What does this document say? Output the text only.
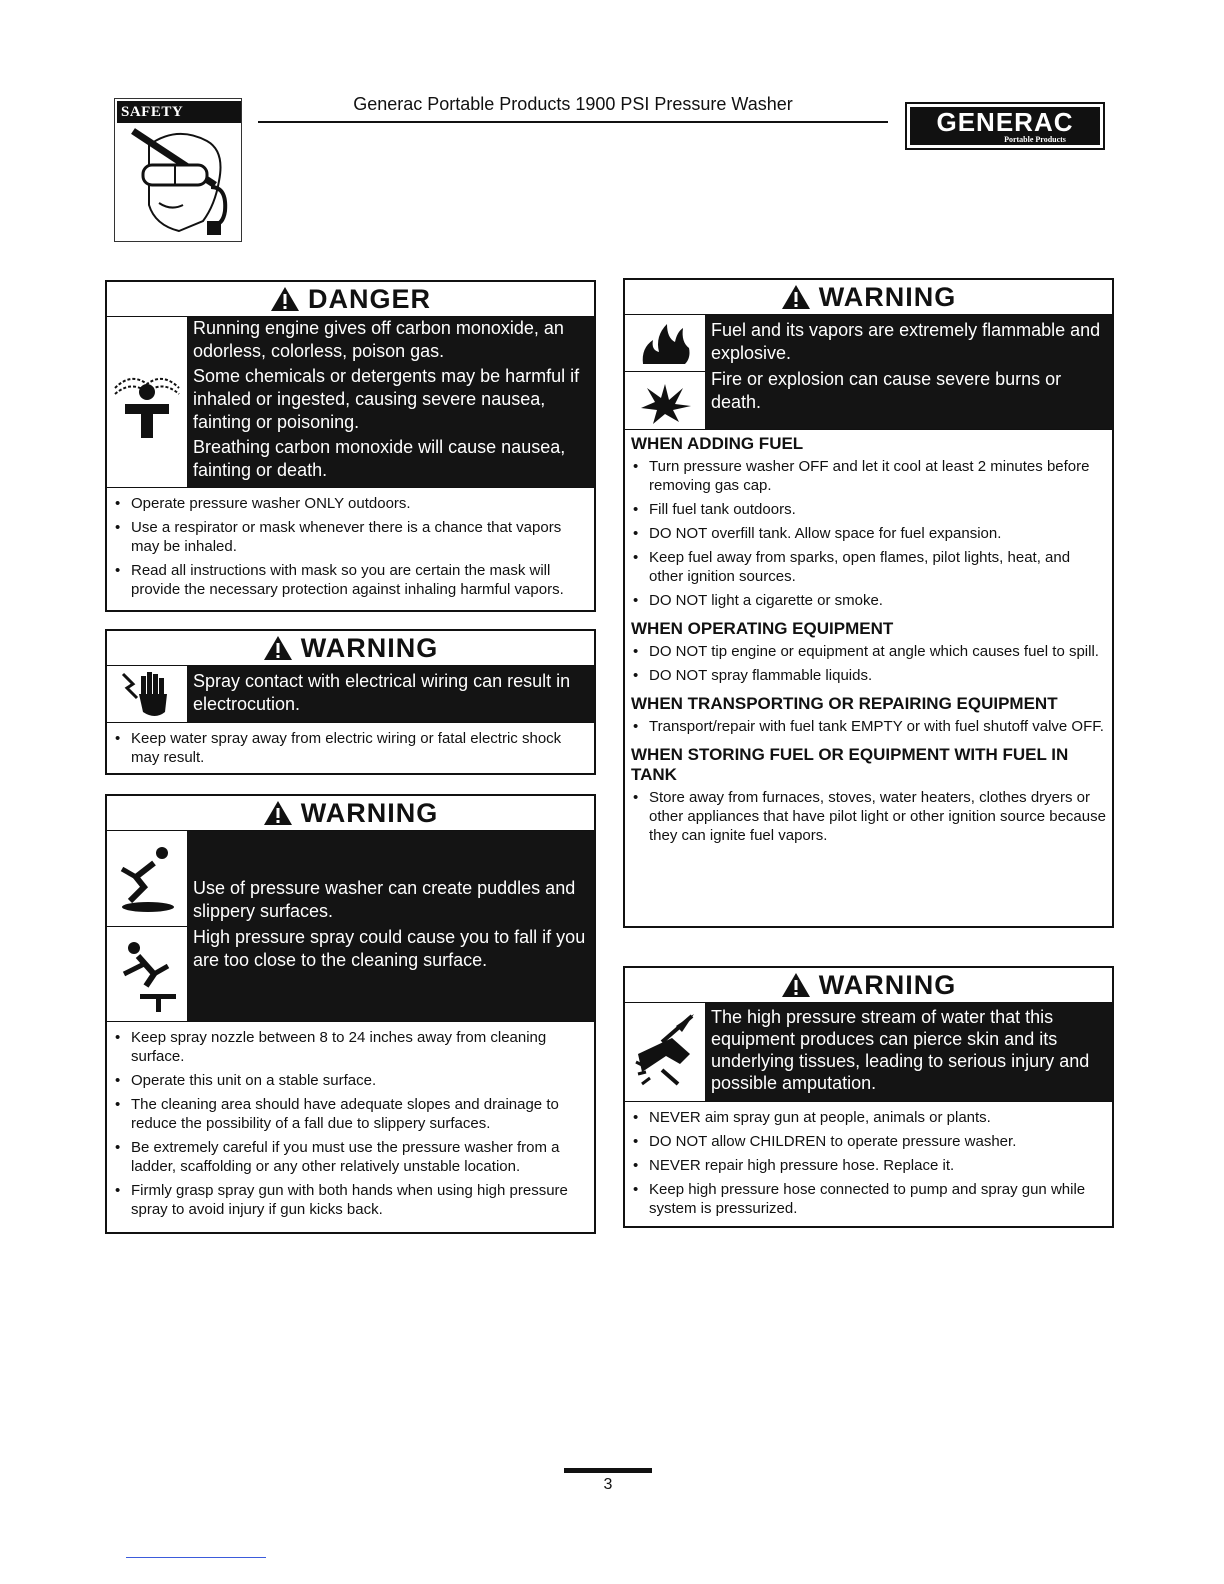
SAFETY RULES
Generac Portable Products 1900 PSI Pressure Washer
GENERAC
Portable Products
DANGER

Running engine gives off carbon monoxide, an odorless, colorless, poison gas.

Some chemicals or detergents may be harmful if inhaled or ingested, causing severe nausea, fainting or poisoning.

Breathing carbon monoxide will cause nausea, fainting or death.

• Operate pressure washer ONLY outdoors.
• Use a respirator or mask whenever there is a chance that vapors may be inhaled.
• Read all instructions with mask so you are certain the mask will provide the necessary protection against inhaling harmful vapors.
WARNING

Spray contact with electrical wiring can result in electrocution.

• Keep water spray away from electric wiring or fatal electric shock may result.
WARNING

Use of pressure washer can create puddles and slippery surfaces.

High pressure spray could cause you to fall if you are too close to the cleaning surface.

• Keep spray nozzle between 8 to 24 inches away from cleaning surface.
• Operate this unit on a stable surface.
• The cleaning area should have adequate slopes and drainage to reduce the possibility of a fall due to slippery surfaces.
• Be extremely careful if you must use the pressure washer from a ladder, scaffolding or any other relatively unstable location.
• Firmly grasp spray gun with both hands when using high pressure spray to avoid injury if gun kicks back.
WARNING

Fuel and its vapors are extremely flammable and explosive.

Fire or explosion can cause severe burns or death.

WHEN ADDING FUEL
• Turn pressure washer OFF and let it cool at least 2 minutes before removing gas cap.
• Fill fuel tank outdoors.
• DO NOT overfill tank. Allow space for fuel expansion.
• Keep fuel away from sparks, open flames, pilot lights, heat, and other ignition sources.
• DO NOT light a cigarette or smoke.
WHEN OPERATING EQUIPMENT
• DO NOT tip engine or equipment at angle which causes fuel to spill.
• DO NOT spray flammable liquids.
WHEN TRANSPORTING OR REPAIRING EQUIPMENT
• Transport/repair with fuel tank EMPTY or with fuel shutoff valve OFF.
WHEN STORING FUEL OR EQUIPMENT WITH FUEL IN TANK
• Store away from furnaces, stoves, water heaters, clothes dryers or other appliances that have pilot light or other ignition source because they can ignite fuel vapors.
WARNING

The high pressure stream of water that this equipment produces can pierce skin and its underlying tissues, leading to serious injury and possible amputation.

• NEVER aim spray gun at people, animals or plants.
• DO NOT allow CHILDREN to operate pressure washer.
• NEVER repair high pressure hose. Replace it.
• Keep high pressure hose connected to pump and spray gun while system is pressurized.
3
